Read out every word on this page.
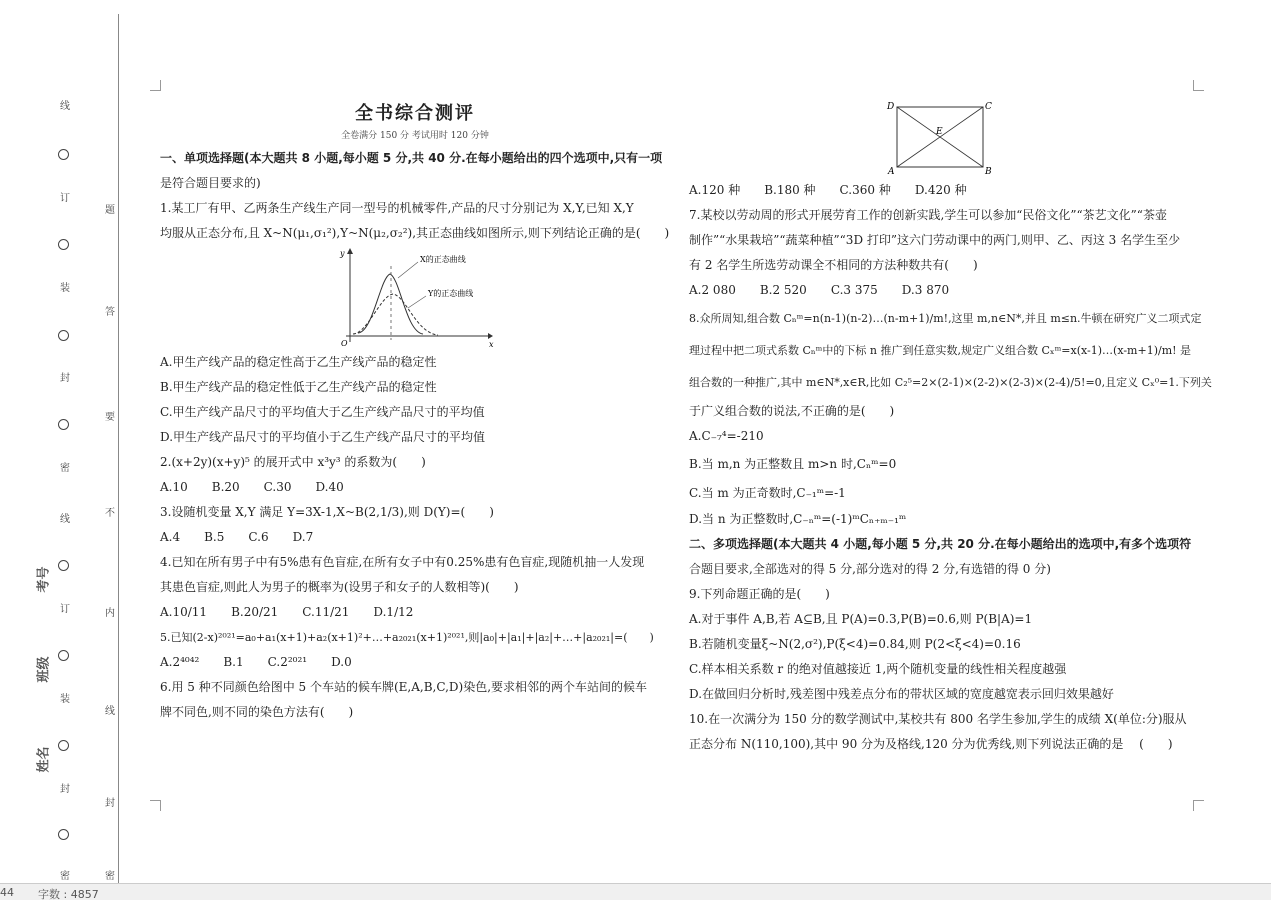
线
订
装
封
密
线
订
装
封
密
题
答
要
不
内
线
封
密
考号
班级
姓名
全书综合测评
全卷满分 150 分 考试用时 120 分钟

一、单项选择题(本大题共 8 小题,每小题 5 分,共 40 分.在每小题给出的四个选项中,只有一项

是符合题目要求的)

1.某工厂有甲、乙两条生产线生产同一型号的机械零件,产品的尺寸分别记为 X,Y,已知 X,Y

均服从正态分布,且 X~N(μ₁,σ₁²),Y~N(μ₂,σ₂²),其正态曲线如图所示,则下列结论正确的是(　　)

X的正态曲线
Y的正态曲线
y
x
O

A.甲生产线产品的稳定性高于乙生产线产品的稳定性

B.甲生产线产品的稳定性低于乙生产线产品的稳定性

C.甲生产线产品尺寸的平均值大于乙生产线产品尺寸的平均值

D.甲生产线产品尺寸的平均值小于乙生产线产品尺寸的平均值

2.(x+2y)(x+y)⁵ 的展开式中 x³y³ 的系数为(　　)

A.10　　B.20　　C.30　　D.40

3.设随机变量 X,Y 满足 Y=3X-1,X~B(2,1/3),则 D(Y)=(　　)

A.4　　B.5　　C.6　　D.7

4.已知在所有男子中有5%患有色盲症,在所有女子中有0.25%患有色盲症,现随机抽一人发现

其患色盲症,则此人为男子的概率为(设男子和女子的人数相等)(　　)

A.10/11　　B.20/21　　C.11/21　　D.1/12

5.已知(2-x)²⁰²¹=a₀+a₁(x+1)+a₂(x+1)²+…+a₂₀₂₁(x+1)²⁰²¹,则|a₀|+|a₁|+|a₂|+…+|a₂₀₂₁|=(　　)

A.2⁴⁰⁴²　　B.1　　C.2²⁰²¹　　D.0

6.用 5 种不同颜色给图中 5 个车站的候车牌(E,A,B,C,D)染色,要求相邻的两个车站间的候车

牌不同色,则不同的染色方法有(　　)

D	C
E
A	B

A.120 种　　B.180 种　　C.360 种　　D.420 种

7.某校以劳动周的形式开展劳育工作的创新实践,学生可以参加“民俗文化”“茶艺文化”“茶壶

制作”“水果栽培”“蔬菜种植”“3D 打印”这六门劳动课中的两门,则甲、乙、丙这 3 名学生至少

有 2 名学生所选劳动课全不相同的方法种数共有(　　)

A.2 080　　B.2 520　　C.3 375　　D.3 870

8.众所周知,组合数 Cₙᵐ=n(n-1)(n-2)…(n-m+1)/m!,这里 m,n∈N*,并且 m≤n.牛顿在研究广义二项式定

理过程中把二项式系数 Cₙᵐ中的下标 n 推广到任意实数,规定广义组合数 Cₓᵐ=x(x-1)…(x-m+1)/m! 是

组合数的一种推广,其中 m∈N*,x∈R,比如 C₂⁵=2×(2-1)×(2-2)×(2-3)×(2-4)/5!=0,且定义 Cₓ⁰=1.下列关

于广义组合数的说法,不正确的是(　　)

A.C₋₇⁴=-210

B.当 m,n 为正整数且 m>n 时,Cₙᵐ=0

C.当 m 为正奇数时,C₋₁ᵐ=-1

D.当 n 为正整数时,C₋ₙᵐ=(-1)ᵐCₙ₊ₘ₋₁ᵐ

二、多项选择题(本大题共 4 小题,每小题 5 分,共 20 分.在每小题给出的选项中,有多个选项符

合题目要求,全部选对的得 5 分,部分选对的得 2 分,有选错的得 0 分)

9.下列命题正确的是(　　)

A.对于事件 A,B,若 A⊆B,且 P(A)=0.3,P(B)=0.6,则 P(B|A)=1

B.若随机变量ξ~N(2,σ²),P(ξ<4)=0.84,则 P(2<ξ<4)=0.16

C.样本相关系数 r 的绝对值越接近 1,两个随机变量的线性相关程度越强

D.在做回归分析时,残差图中残差点分布的带状区域的宽度越宽表示回归效果越好

10.在一次满分为 150 分的数学测试中,某校共有 800 名学生参加,学生的成绩 X(单位:分)服从

正态分布 N(110,100),其中 90 分为及格线,120 分为优秀线,则下列说法正确的是　 (　　)

44 字数 : 4857
